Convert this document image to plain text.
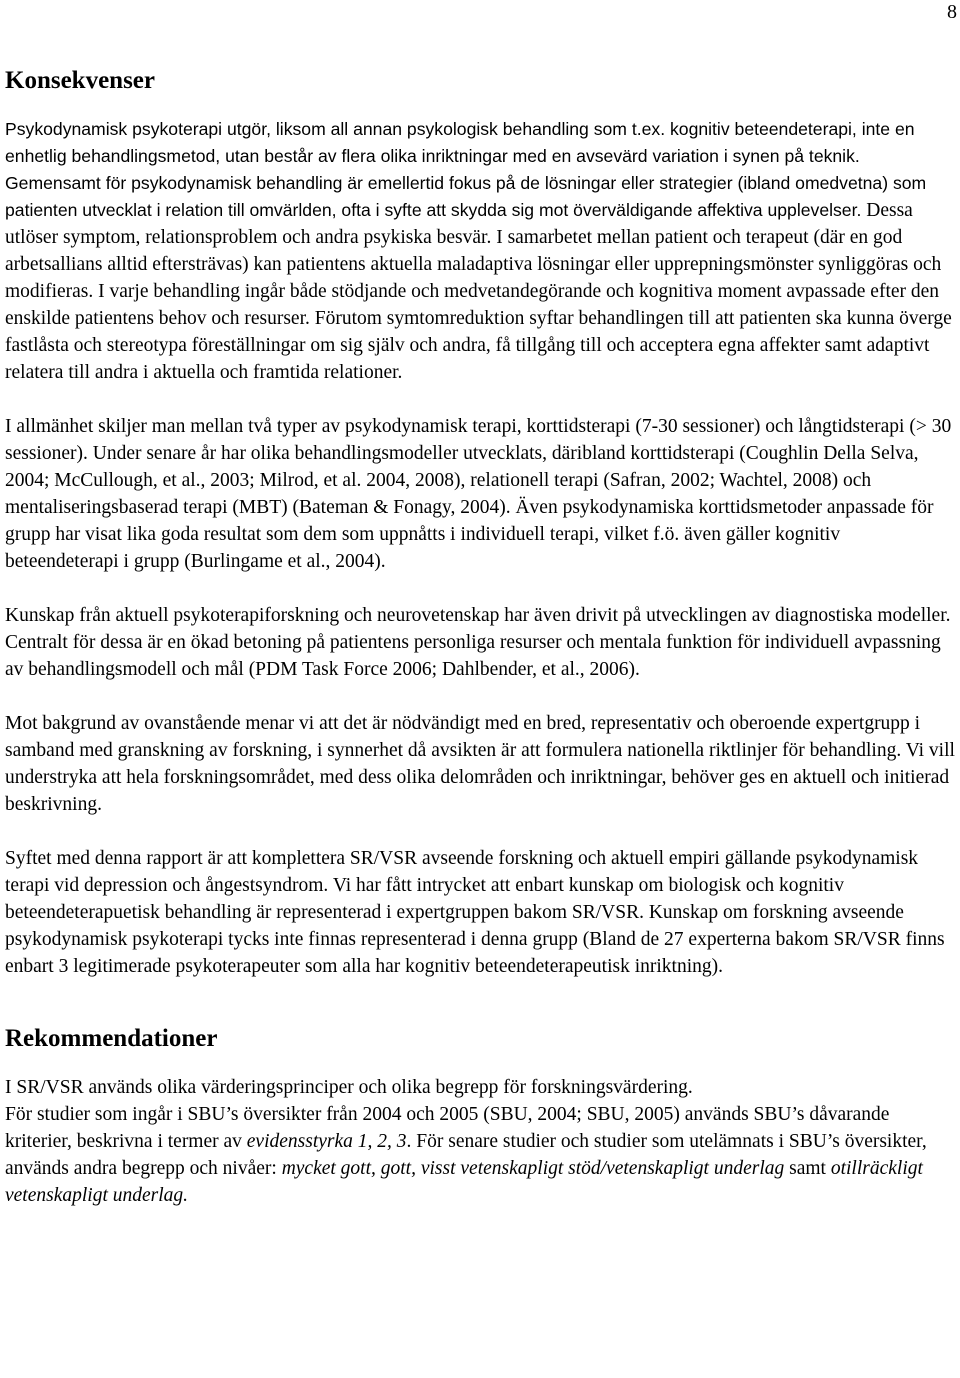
8
Konsekvenser

Psykodynamisk psykoterapi utgör, liksom all annan psykologisk behandling som t.ex. kognitiv beteendeterapi, inte en enhetlig behandlingsmetod, utan består av flera olika inriktningar med en avsevärd variation i synen på teknik. Gemensamt för psykodynamisk behandling är emellertid fokus på de lösningar eller strategier (ibland omedvetna) som patienten utvecklat i relation till omvärlden, ofta i syfte att skydda sig mot överväldigande affektiva upplevelser. Dessa utlöser symptom, relationsproblem och andra psykiska besvär. I samarbetet mellan patient och terapeut (där en god arbetsallians alltid eftersträvas) kan patientens aktuella maladaptiva lösningar eller upprepningsmönster synliggöras och modifieras. I varje behandling ingår både stödjande och medvetandegörande och kognitiva moment avpassade efter den enskilde patientens behov och resurser. Förutom symtomreduktion syftar behandlingen till att patienten ska kunna överge fastlåsta och stereotypa föreställningar om sig själv och andra, få tillgång till och acceptera egna affekter samt adaptivt relatera till andra i aktuella och framtida relationer.

I allmänhet skiljer man mellan två typer av psykodynamisk terapi, korttidsterapi (7-30 sessioner) och långtidsterapi (> 30 sessioner). Under senare år har olika behandlingsmodeller utvecklats, däribland korttidsterapi (Coughlin Della Selva, 2004; McCullough, et al., 2003; Milrod, et al. 2004, 2008), relationell terapi (Safran, 2002; Wachtel, 2008) och mentaliseringsbaserad terapi (MBT) (Bateman & Fonagy, 2004). Även psykodynamiska korttidsmetoder anpassade för grupp har visat lika goda resultat som dem som uppnåtts i individuell terapi, vilket f.ö. även gäller kognitiv beteendeterapi i grupp (Burlingame et al., 2004).

Kunskap från aktuell psykoterapiforskning och neurovetenskap har även drivit på utvecklingen av diagnostiska modeller. Centralt för dessa är en ökad betoning på patientens personliga resurser och mentala funktion för individuell avpassning av behandlingsmodell och mål (PDM Task Force 2006; Dahlbender, et al., 2006).

Mot bakgrund av ovanstående menar vi att det är nödvändigt med en bred, representativ och oberoende expertgrupp i samband med granskning av forskning, i synnerhet då avsikten är att formulera nationella riktlinjer för behandling. Vi vill understryka att hela forskningsområdet, med dess olika delområden och inriktningar, behöver ges en aktuell och initierad beskrivning.

Syftet med denna rapport är att komplettera SR/VSR avseende forskning och aktuell empiri gällande psykodynamisk terapi vid depression och ångestsyndrom. Vi har fått intrycket att enbart kunskap om biologisk och kognitiv beteendeterapuetisk behandling är representerad i expertgruppen bakom SR/VSR. Kunskap om forskning avseende psykodynamisk psykoterapi tycks inte finnas representerad i denna grupp (Bland de 27 experterna bakom SR/VSR finns enbart 3 legitimerade psykoterapeuter som alla har kognitiv beteendeterapeutisk inriktning).

Rekommendationer

I SR/VSR används olika värderingsprinciper och olika begrepp för forskningsvärdering.

För studier som ingår i SBU’s översikter från 2004 och 2005 (SBU, 2004; SBU, 2005) används SBU’s dåvarande kriterier, beskrivna i termer av evidensstyrka 1, 2, 3. För senare studier och studier som utelämnats i SBU’s översikter, används andra begrepp och nivåer: mycket gott, gott, visst vetenskapligt stöd/vetenskapligt underlag samt otillräckligt vetenskapligt underlag.
